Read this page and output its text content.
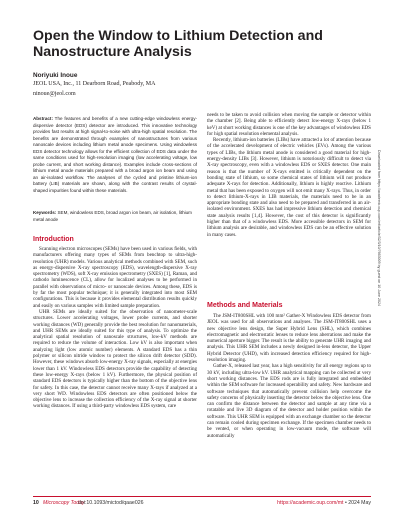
Open the Window to Lithium Detection and Nanostructure Analysis
Noriyuki Inoue
JEOL USA, Inc., 11 Dearborn Road, Peabody, MA
ninoue@jeol.com

Abstract: The features and benefits of a new cutting-edge windowless energy-dispersive detector (EDS) detector are introduced. This innovative technology provides fast results at high signal-to-noise with ultra-high spatial resolution. The benefits are demonstrated through examples of nanostructures from various nanoscale devices including lithium metal anode specimens. Using windowless EDS detector technology allows for the efficient collection of EDS data under the same conditions used for high-resolution imaging (low accelerating voltage, low probe current, and short working distance). Examples include cross-sections of lithium metal anode materials prepared with a broad argon ion beam and using an air-isolated workflow. The analyses of the cycled and pristine lithium-ion battery (LIB) materials are shown, along with the contrast results of crystal-shaped impurities found within these materials.

Keywords: SEM, windowless EDS, broad argon ion beam, air isolation, lithium metal anode

Introduction

Scanning electron microscopes (SEMs) have been used in various fields, with manufacturers offering many types of SEMs from benchtop to ultra-high-resolution (UHR) models. Various analytical methods combined with SEM, such as energy-dispersive X-ray spectroscopy (EDS), wavelength-dispersive X-ray spectrometry (WDS), soft X-ray emission spectrometry (SXES) [1], Raman, and cathodo luminescence (CL), allow for localized analyses to be performed in parallel with observations of micro- or nanoscale devices. Among these, EDS is by far the most popular technique; it is generally integrated into most SEM configurations. This is because it provides elemental distribution results quickly and easily on various samples with limited sample preparation.

UHR SEMs are ideally suited for the observation of nanometer-scale structures. Lower accelerating voltages, lower probe currents, and shorter working distances (WD) generally provide the best resolution for nanomaterials, and UHR SEMs are ideally suited for this type of analysis. To optimize the analytical spatial resolution of nanoscale structures, low-kV methods are required to reduce the volume of interaction. Low kV is also important when analyzing light (low atomic number) elements. A standard EDS has a thin polymer or silicon nitride window to protect the silicon drift detector (SDD). However, these windows absorb low-energy X-ray signals, especially at energies lower than 1 kV. Windowless EDS detectors provide the capability of detecting these low-energy X-rays (below 1 kV). Furthermore, the physical position of standard EDS detectors is typically higher than the bottom of the objective lens for safety. In this case, the detector cannot receive many X-rays if analyzed at a very short WD. Windowless EDS detectors are often positioned below the objective lens to increase the collection efficiency of the X-ray signal at shorter working distances. If using a third-party windowless EDS system, care

needs to be taken to avoid collision when moving the sample or detector within the chamber [2]. Being able to efficiently detect low-energy X-rays (below 1 keV) at short working distances is one of the key advantages of windowless EDS for high spatial resolution elemental analysis.

Recently, lithium-ion batteries (LIBs) have attracted a lot of attention because of the accelerated development of electric vehicles (EVs). Among the various types of LIBs, the lithium metal anode is considered a good material for high-energy-density LIBs [3]. However, lithium is notoriously difficult to detect via X-ray spectroscopy, even with a windowless EDS or SXES detector. One main reason is that the number of X-rays emitted is critically dependent on the bonding state of lithium, so some chemical states of lithium will not produce adequate X-rays for detection. Additionally, lithium is highly reactive. Lithium metal that has been exposed to oxygen will not emit many X-rays. Thus, in order to detect lithium-X-rays in LIB materials, the materials need to be in an appropriate bonding state and also need to be prepared and transferred in an air-isolated environment. SXES has had impressive lithium detection and chemical state analysis results [1,4]. However, the cost of this detector is significantly higher than that of a windowless EDS. More accessible detectors in SEM for lithium analysis are desirable, and windowless EDS can be an effective solution in many cases.

Methods and Materials

The JSM-IT800SHL with 100 mm² Gather-X Windowless EDS detector from JEOL was used for all observations and analyses. The JSM-IT800SHL uses a new objective lens design, the Super Hybrid Lens (SHL), which combines electromagnetic and electrostatic lenses to reduce lens aberrations and make the numerical aperture bigger. The result is the ability to generate UHR imaging and analysis. This UHR SEM includes a newly designed in-lens detector, the Upper Hybrid Detector (UHD), with increased detection efficiency required for high-resolution imaging.

Gather-X, released last year, has a high sensitivity for all energy regions up to 30 kV, including ultra-low kV. UHR analytical mapping can be collected at very short working distances. The EDS rods are is fully integrated and embedded within the SEM software for increased operability and safety. New hardware and software techniques that automatically prevent collision help overcome the safety concerns of physically inserting the detector below the objective lens. One can confirm the distance between the detector and sample at any time via a rotatable and live 3D diagram of the detector and holder position within the software. This UHR SEM is equipped with an exchange chamber so the detector can remain cooled during specimen exchange. If the specimen chamber needs to be vented, or when operating in low-vacuum mode, the software will automatically

Downloaded from https://academic.oup.com/mt/article/32/3/10/7663009 by guest on 10 June 2024
10 Microscopy Today
doi:10.1093/mictod/qaae026	https://academic.oup.com/mt • 2024 May
